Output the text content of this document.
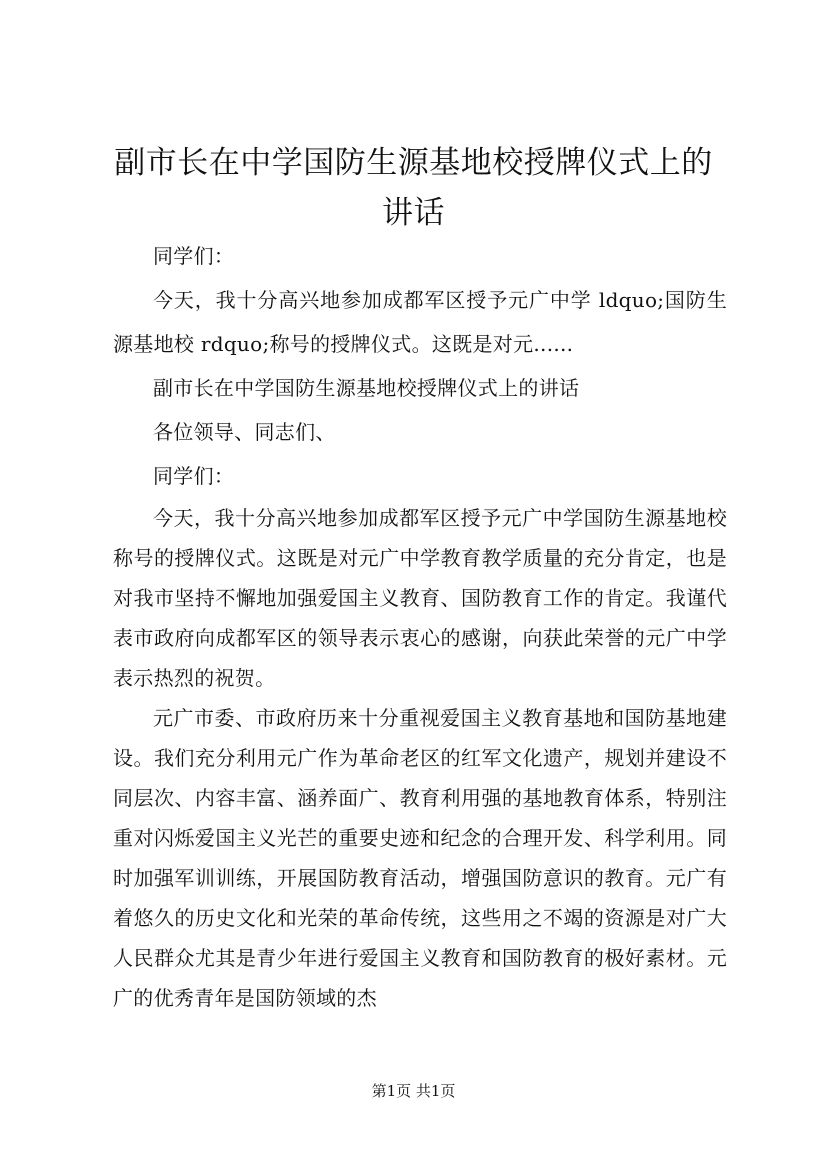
副市长在中学国防生源基地校授牌仪式上的讲话

同学们：

今天，我十分高兴地参加成都军区授予元广中学 ldquo;国防生源基地校 rdquo;称号的授牌仪式。这既是对元......

副市长在中学国防生源基地校授牌仪式上的讲话

各位领导、同志们、

同学们：

今天，我十分高兴地参加成都军区授予元广中学国防生源基地校称号的授牌仪式。这既是对元广中学教育教学质量的充分肯定，也是对我市坚持不懈地加强爱国主义教育、国防教育工作的肯定。我谨代表市政府向成都军区的领导表示衷心的感谢，向获此荣誉的元广中学表示热烈的祝贺。

元广市委、市政府历来十分重视爱国主义教育基地和国防基地建设。我们充分利用元广作为革命老区的红军文化遗产，规划并建设不同层次、内容丰富、涵养面广、教育利用强的基地教育体系，特别注重对闪烁爱国主义光芒的重要史迹和纪念的合理开发、科学利用。同时加强军训训练，开展国防教育活动，增强国防意识的教育。元广有着悠久的历史文化和光荣的革命传统，这些用之不竭的资源是对广大人民群众尤其是青少年进行爱国主义教育和国防教育的极好素材。元广的优秀青年是国防领域的杰

第1页 共1页
